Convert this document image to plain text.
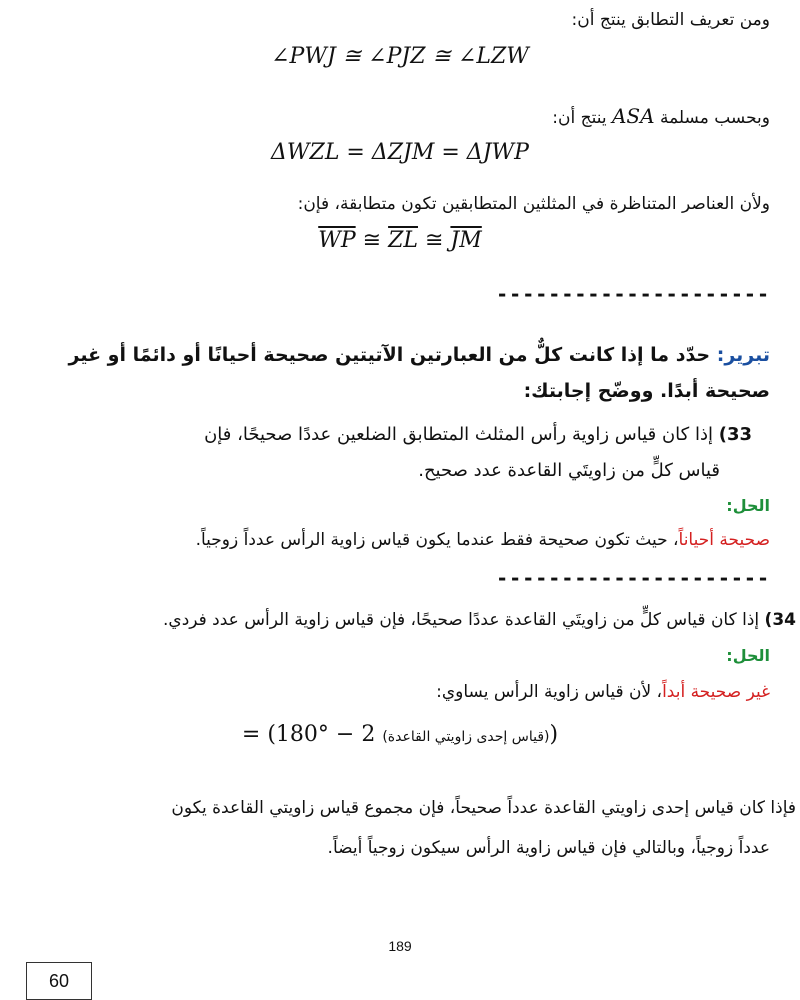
ومن تعريف التطابق ينتج أن:
∠PWJ ≅ ∠PJZ ≅ ∠LZW
وبحسب مسلمة ASA ينتج أن:
ΔWZL = ΔZJM = ΔJWP
ولأن العناصر المتناظرة في المثلثين المتطابقين تكون متطابقة، فإن:
$\overline{WP}$ ≅ $\overline{ZL}$ ≅ $\overline{JM}$
---------------------
تبرير: حدّد ما إذا كانت كلٌّ من العبارتين الآتيتين صحيحة أحيانًا أو دائمًا أو غير
صحيحة أبدًا. ووضّح إجابتك:
33) إذا كان قياس زاوية رأس المثلث المتطابق الضلعين عددًا صحيحًا، فإن
قياس كلٍّ من زاويتَي القاعدة عدد صحيح.
الحل:
صحيحة أحياناً، حيث تكون صحيحة فقط عندما يكون قياس زاوية الرأس عدداً زوجياً.
---------------------
34) إذا كان قياس كلٍّ من زاويتَي القاعدة عددًا صحيحًا، فإن قياس زاوية الرأس عدد فردي.
الحل:
غير صحيحة أبداً، لأن قياس زاوية الرأس يساوي:
= (180° − 2	(قياس إحدى زاويتي القاعدة)	)
فإذا كان قياس إحدى زاويتي القاعدة عدداً صحيحاً، فإن مجموع قياس زاويتي القاعدة يكون
عدداً زوجياً، وبالتالي فإن قياس زاوية الرأس سيكون زوجياً أيضاً.
189
60
